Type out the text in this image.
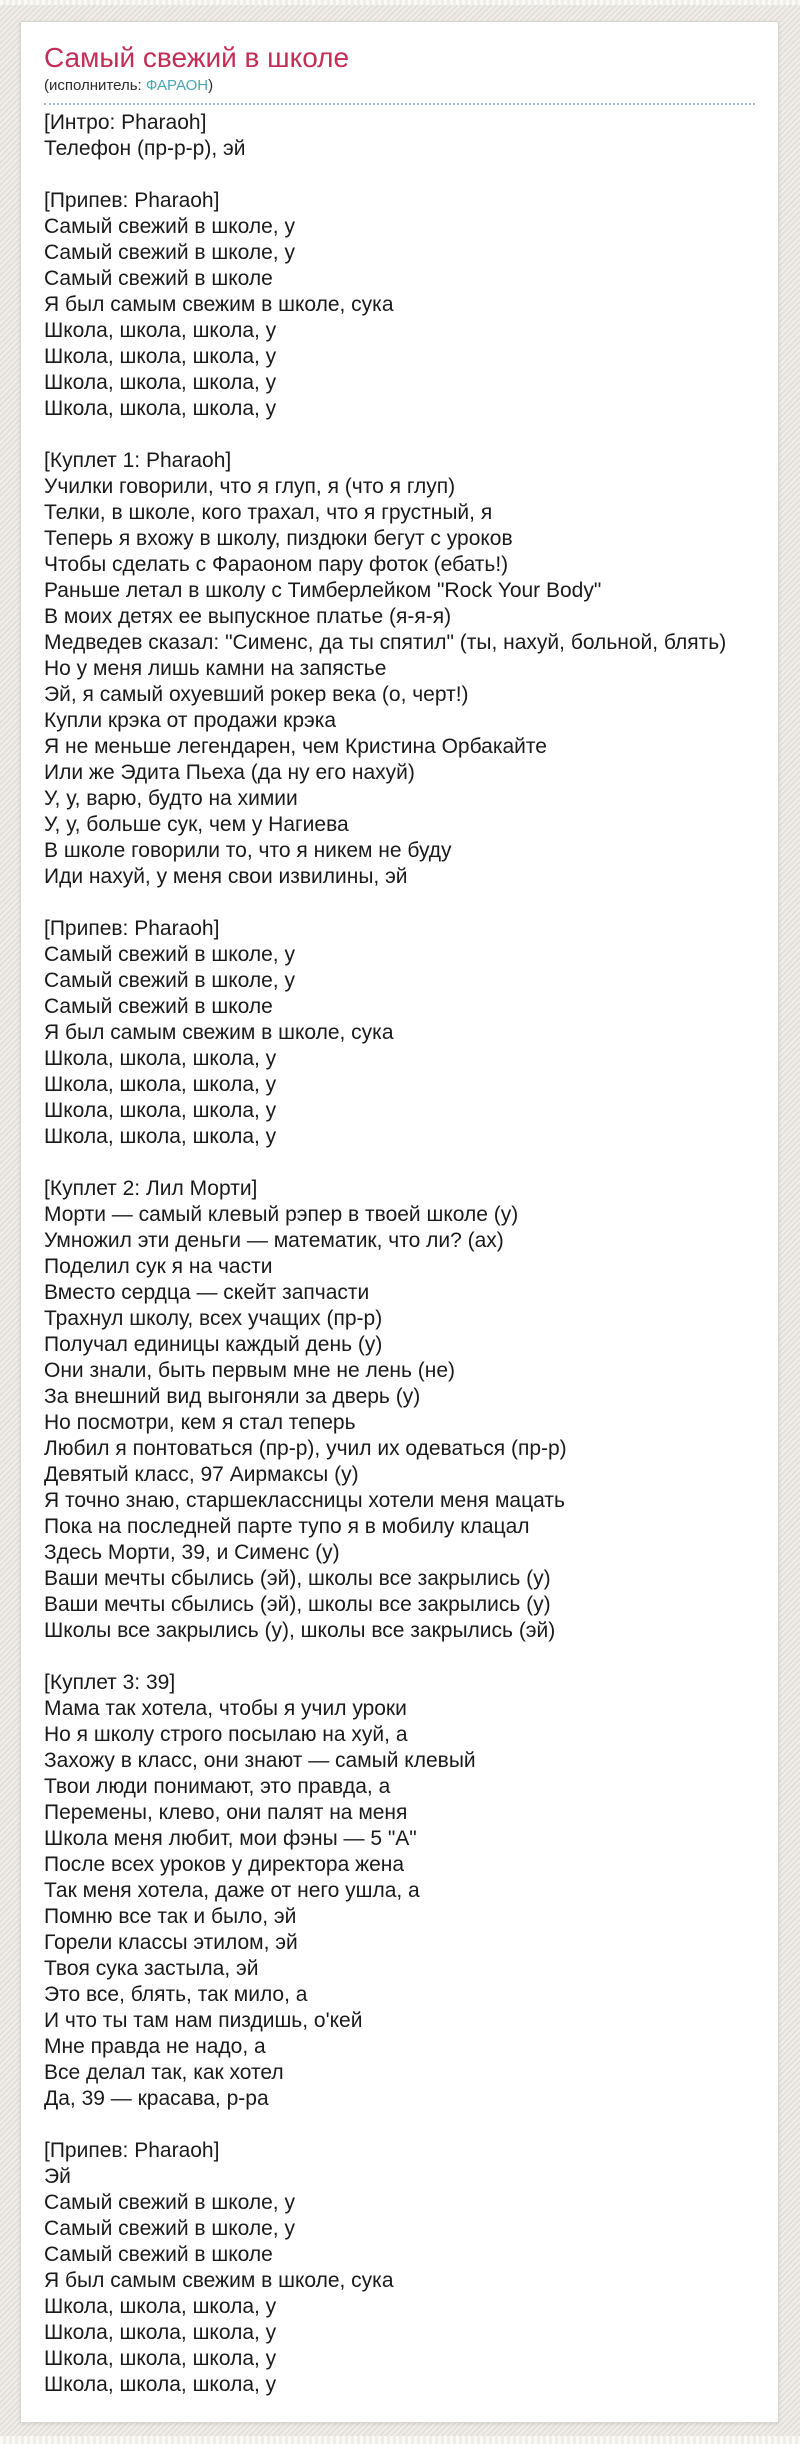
Самый свежий в школе
(исполнитель: ФАРАОН)
[Интро: Pharaoh]
Телефон (пр-р-р), эй
[Припев: Pharaoh]
Самый свежий в школе, у
Самый свежий в школе, у
Самый свежий в школе
Я был самым свежим в школе, сука
Школа, школа, школа, у
Школа, школа, школа, у
Школа, школа, школа, у
Школа, школа, школа, у
[Куплет 1: Pharaoh]
Училки говорили, что я глуп, я (что я глуп)
Телки, в школе, кого трахал, что я грустный, я
Теперь я вхожу в школу, пиздюки бегут с уроков
Чтобы сделать с Фараоном пару фоток (ебать!)
Раньше летал в школу с Тимберлейком "Rock Your Body"
В моих детях ее выпускное платье (я-я-я)
Медведев сказал: "Сименс, да ты спятил" (ты, нахуй, больной, блять)
Но у меня лишь камни на запястье
Эй, я самый охуевший рокер века (о, черт!)
Купли крэка от продажи крэка
Я не меньше легендарен, чем Кристина Орбакайте
Или же Эдита Пьеха (да ну его нахуй)
У, у, варю, будто на химии
У, у, больше сук, чем у Нагиева
В школе говорили то, что я никем не буду
Иди нахуй, у меня свои извилины, эй
[Припев: Pharaoh]
Самый свежий в школе, у
Самый свежий в школе, у
Самый свежий в школе
Я был самым свежим в школе, сука
Школа, школа, школа, у
Школа, школа, школа, у
Школа, школа, школа, у
Школа, школа, школа, у
[Куплет 2: Лил Морти]
Морти — самый клевый рэпер в твоей школе (у)
Умножил эти деньги — математик, что ли? (ах)
Поделил сук я на части
Вместо сердца — скейт запчасти
Трахнул школу, всех учащих (пр-р)
Получал единицы каждый день (у)
Они знали, быть первым мне не лень (не)
За внешний вид выгоняли за дверь (у)
Но посмотри, кем я стал теперь
Любил я понтоваться (пр-р), учил их одеваться (пр-р)
Девятый класс, 97 Аирмаксы (у)
Я точно знаю, старшеклассницы хотели меня мацать
Пока на последней парте тупо я в мобилу клацал
Здесь Морти, 39, и Сименс (у)
Ваши мечты сбылись (эй), школы все закрылись (у)
Ваши мечты сбылись (эй), школы все закрылись (у)
Школы все закрылись (у), школы все закрылись (эй)
[Куплет 3: 39]
Мама так хотела, чтобы я учил уроки
Но я школу строго посылаю на хуй, а
Захожу в класс, они знают — самый клевый
Твои люди понимают, это правда, а
Перемены, клево, они палят на меня
Школа меня любит, мои фэны — 5 "А"
После всех уроков у директора жена
Так меня хотела, даже от него ушла, а
Помню все так и было, эй
Горели классы этилом, эй
Твоя сука застыла, эй
Это все, блять, так мило, а
И что ты там нам пиздишь, о'кей
Мне правда не надо, а
Все делал так, как хотел
Да, 39 — красава, р-ра
[Припев: Pharaoh]
Эй
Самый свежий в школе, у
Самый свежий в школе, у
Самый свежий в школе
Я был самым свежим в школе, сука
Школа, школа, школа, у
Школа, школа, школа, у
Школа, школа, школа, у
Школа, школа, школа, у
